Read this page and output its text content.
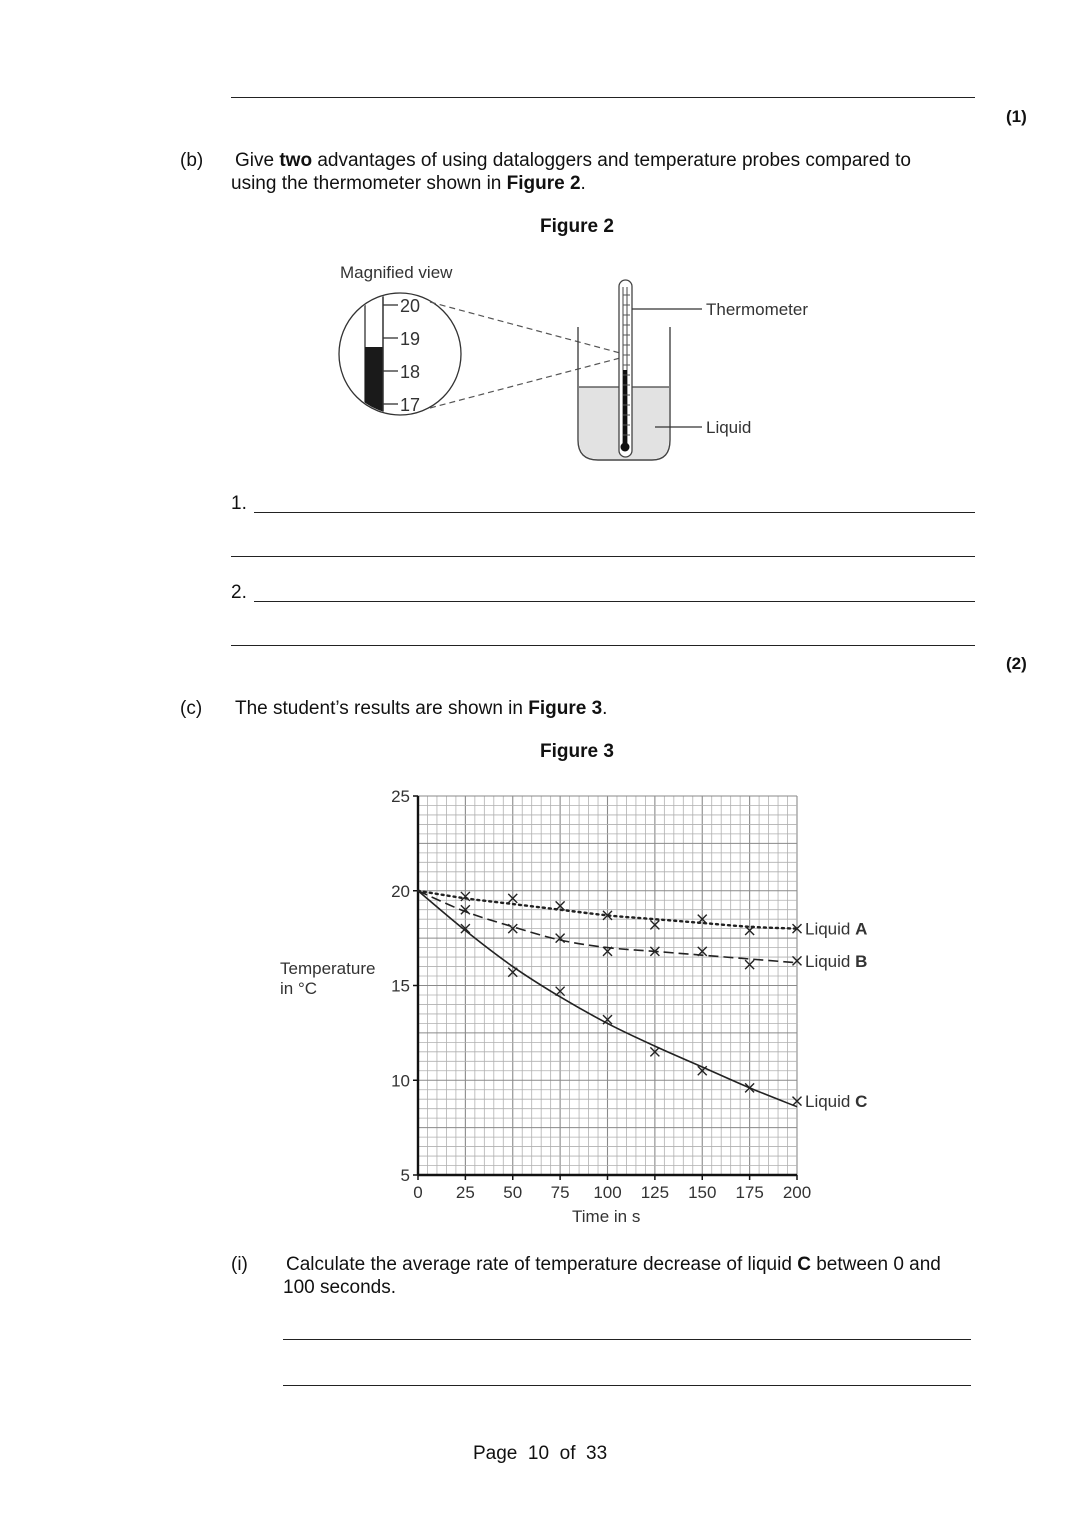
(1)
(b) Give two advantages of using dataloggers and temperature probes compared to
using the thermometer shown in Figure 2.
Figure 2
Magnified view
20
19
18
17
Thermometer
Liquid
1.
2.
(2)
(c) The student’s results are shown in Figure 3.
Figure 3
5
10
15
20
25
0 25 50 75 100 125 150 175 200
Liquid A
Liquid B
Liquid C
Temperature
in °C
Time in s
(i) Calculate the average rate of temperature decrease of liquid C between 0 and
100 seconds.
Page  10  of  33
